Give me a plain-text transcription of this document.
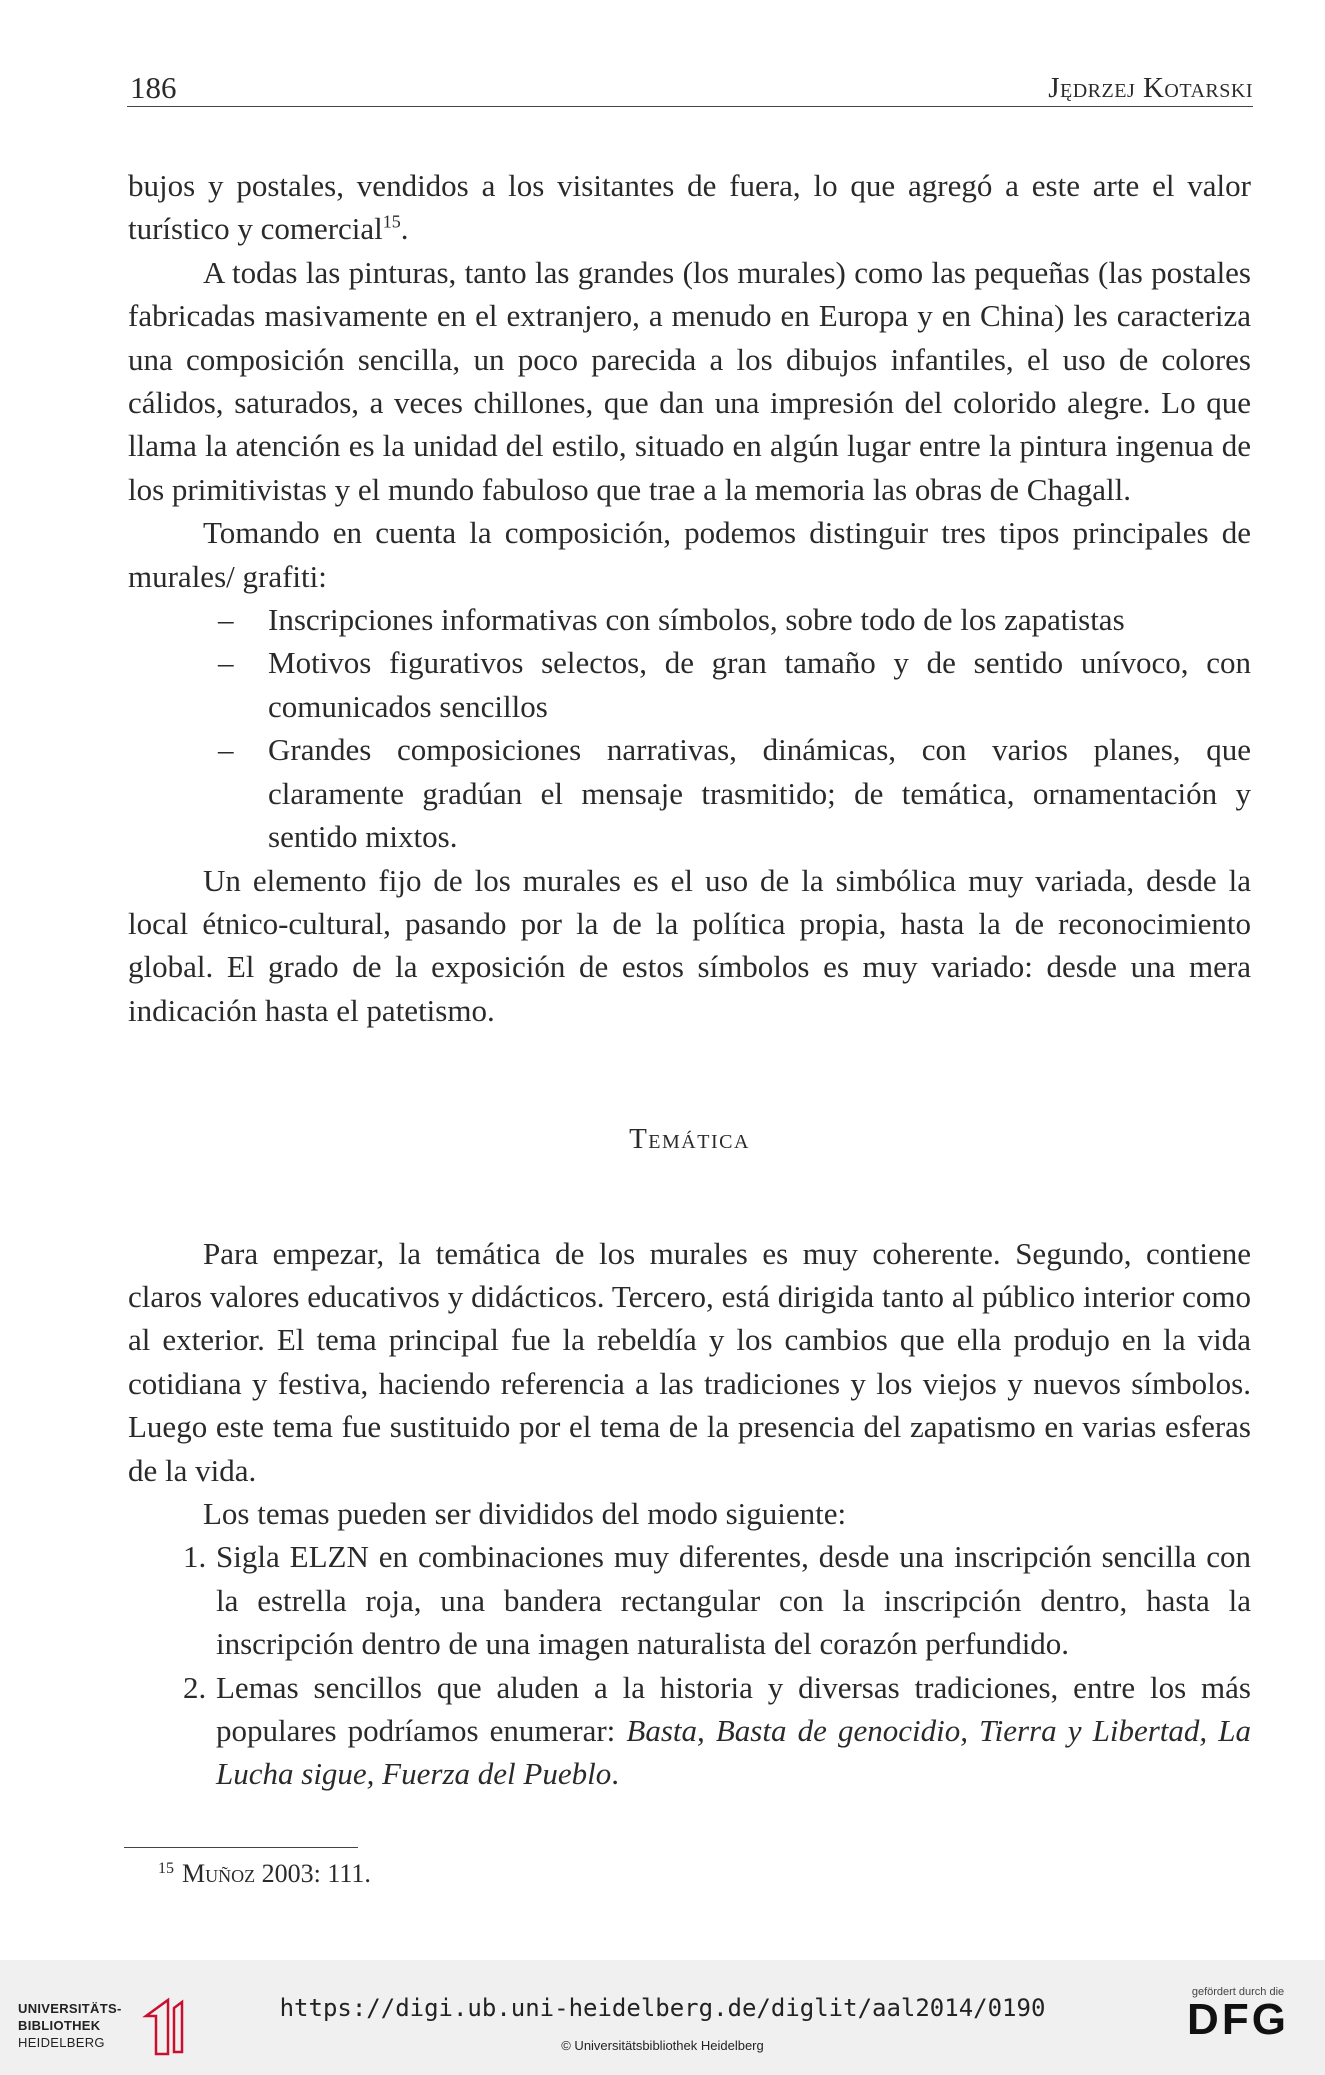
186	Jędrzej Kotarski

bujos y postales, vendidos a los visitantes de fuera, lo que agregó a este arte el valor turístico y comercial$^{15}$.

A todas las pinturas, tanto las grandes (los murales) como las pequeñas (las postales fabricadas masivamente en el extranjero, a menudo en Europa y en China) les caracteriza una composición sencilla, un poco parecida a los dibujos infantiles, el uso de colores cálidos, saturados, a veces chillones, que dan una impresión del colorido alegre. Lo que llama la atención es la unidad del estilo, situado en algún lugar entre la pintura ingenua de los primitivistas y el mundo fabuloso que trae a la memoria las obras de Chagall.

Tomando en cuenta la composición, podemos distinguir tres tipos principales de murales/ grafiti:

– Inscripciones informativas con símbolos, sobre todo de los zapatistas
– Motivos figurativos selectos, de gran tamaño y de sentido unívoco, con comunicados sencillos
– Grandes composiciones narrativas, dinámicas, con varios planes, que claramente gradúan el mensaje trasmitido; de temática, ornamentación y sentido mixtos.

Un elemento fijo de los murales es el uso de la simbólica muy variada, desde la local étnico-cultural, pasando por la de la política propia, hasta la de reconocimiento global. El grado de la exposición de estos símbolos es muy variado: desde una mera indicación hasta el patetismo.

Temática

Para empezar, la temática de los murales es muy coherente. Segundo, contiene claros valores educativos y didácticos. Tercero, está dirigida tanto al público interior como al exterior. El tema principal fue la rebeldía y los cambios que ella produjo en la vida cotidiana y festiva, haciendo referencia a las tradiciones y los viejos y nuevos símbolos. Luego este tema fue sustituido por el tema de la presencia del zapatismo en varias esferas de la vida.

Los temas pueden ser divididos del modo siguiente:

1. Sigla ELZN en combinaciones muy diferentes, desde una inscripción sencilla con la estrella roja, una bandera rectangular con la inscripción dentro, hasta la inscripción dentro de una imagen naturalista del corazón perfundido.
2. Lemas sencillos que aluden a la historia y diversas tradiciones, entre los más populares podríamos enumerar: Basta, Basta de genocidio, Tierra y Libertad, La Lucha sigue, Fuerza del Pueblo.
$^{15}$ Muñoz 2003: 111.
UNIVERSITÄTS-
BIBLIOTHEK
HEIDELBERG
https://digi.ub.uni-heidelberg.de/diglit/aal2014/0190
© Universitätsbibliothek Heidelberg
gefördert durch die
DFG
